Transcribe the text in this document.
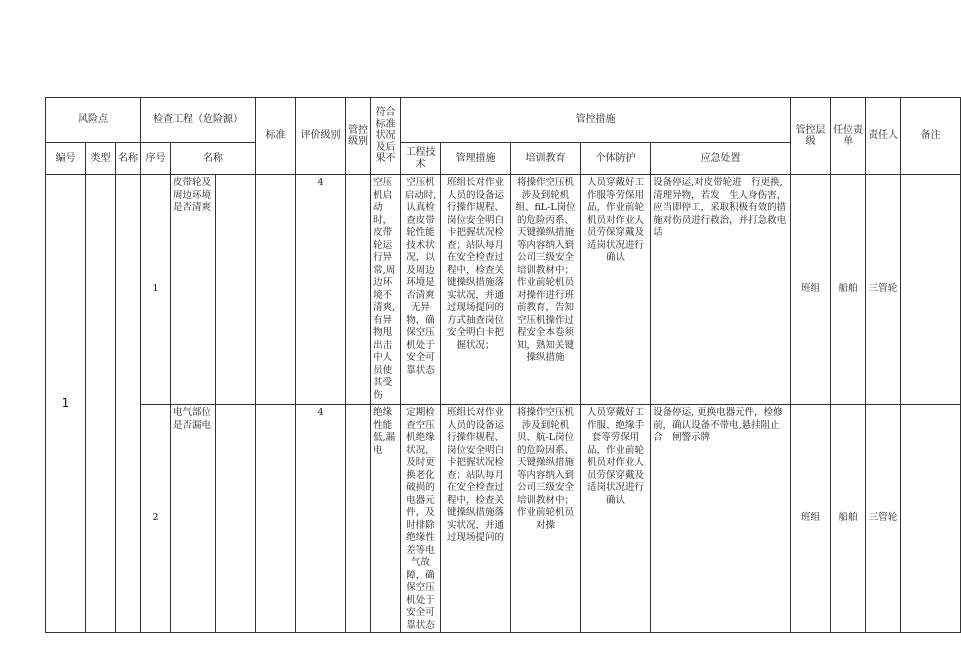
风险点			检查工程（危险源）			标准	评价级别	管控级别	符合标准状况及后果不	管控措施					管控层级	任位责单	责任人	备注
编号	类型	名称	序号	名称						工程技术	管理措施	培训教育	个体防护	应急处置				
1			1	皮带轮及周边环境是否清爽			4		空压机启　动时，皮带轮运行异　常,周边环境不清爽,有异物甩出击中人员使其受伤	空压机启动时,认真检查皮带轮性能技术状况，以及周边环境是否清爽无异物，确保空压机处于安全可靠状态	班组长对作业人员的设备运行操作规程、岗位安全明白卡把握状况检查；站队每月在安全检查过程中，检查关键操纵措施落实状况，并通过现场提问的方式抽查岗位安全明白卡把握状况；	将操作空压机涉及到轮机组、fiL-L岗位的危险丙系、天键操纵措施等内容纳入到公司三级安全培训教材中；作业前轮机员对操作进行班前教育，告知空压机操作过程安全本卷须知，熟知关键操纵措施	人员穿戴好工作服等劳保用品，作业前轮机员对作业人员劳保穿戴及适岗状况进行确认	设备停运,对皮带轮进　行更换, 清理异物，若发　生人身伤害，应当即停工，采取积极有效的措施对伤员进行救治，并打急救电　话	班组	船舶	三管轮	
			2	电气部位是否漏电			4		绝缘性能低,漏电	定期检查空压机绝缘状况，及时更换老化破损的电器元件，及时排除绝缘性差等电气故障，确保空压机处于安全可靠状态	班组长对作业人员的设备运行操作规程、岗位安全明白卡把握状况检查；站队每月在安全检查过程中，检查关键操纵措施落实状况，并通过现场提问的	将操作空压机涉及到轮机贝、航-L岗位的危险因系、天键操纵措施等内容纳入到公司三级安全培训教材中；作业前轮机员对操	人员穿戴好工作服、绝缘手套等劳保用品，作业前轮机员对作业人员劳保穿戴及适岗状况进行确认	设备停运, 更换电器元件，检修前，确认设备不带电,悬挂阻止合　闸警示牌	班组	船舶	三管轮	
